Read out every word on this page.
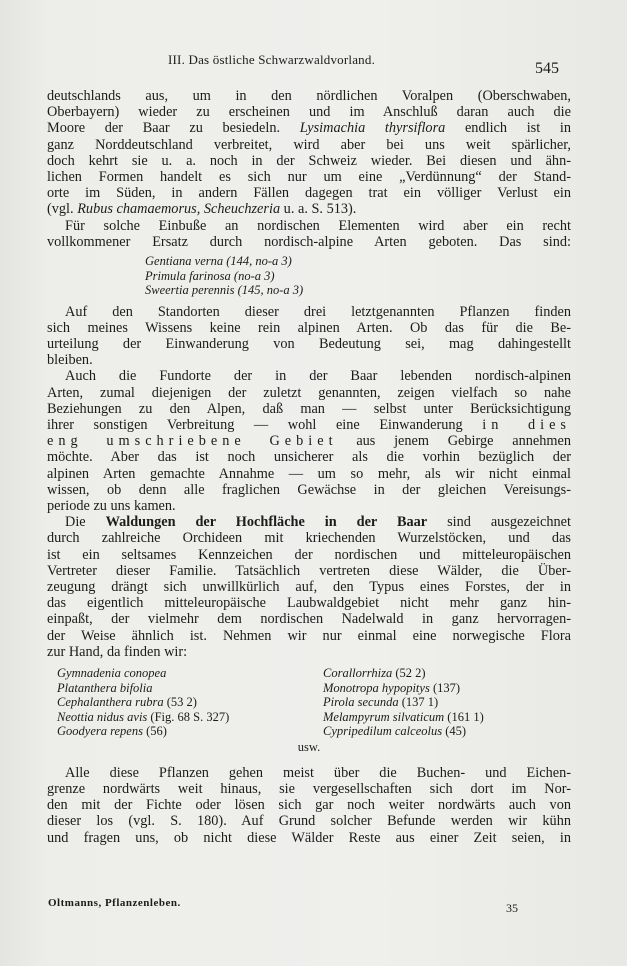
III. Das östliche Schwarzwaldvorland.
545

deutschlands aus, um in den nördlichen Voralpen (Oberschwaben,
Oberbayern) wieder zu erscheinen und im Anschluß daran auch die
Moore der Baar zu besiedeln. Lysimachia thyrsiflora endlich ist in
ganz Norddeutschland verbreitet, wird aber bei uns weit spärlicher,
doch kehrt sie u. a. noch in der Schweiz wieder. Bei diesen und ähn-
lichen Formen handelt es sich nur um eine „Verdünnung“ der Stand-
orte im Süden, in andern Fällen dagegen trat ein völliger Verlust ein
(vgl. Rubus chamaemorus, Scheuchzeria u. a. S. 513).
Für solche Einbuße an nordischen Elementen wird aber ein recht
vollkommener Ersatz durch nordisch-alpine Arten geboten. Das sind:

Gentiana verna (144, no-a 3)
Primula farinosa (no-a 3)
Sweertia perennis (145, no-a 3)

Auf den Standorten dieser drei letztgenannten Pflanzen finden
sich meines Wissens keine rein alpinen Arten. Ob das für die Be-
urteilung der Einwanderung von Bedeutung sei, mag dahingestellt
bleiben.

Auch die Fundorte der in der Baar lebenden nordisch-alpinen
Arten, zumal diejenigen der zuletzt genannten, zeigen vielfach so nahe
Beziehungen zu den Alpen, daß man — selbst unter Berücksichtigung
ihrer sonstigen Verbreitung — wohl eine Einwanderung in dies
eng umschriebene Gebiet aus jenem Gebirge annehmen
möchte. Aber das ist noch unsicherer als die vorhin bezüglich der
alpinen Arten gemachte Annahme — um so mehr, als wir nicht einmal
wissen, ob denn alle fraglichen Gewächse in der gleichen Vereisungs-
periode zu uns kamen.

Die Waldungen der Hochfläche in der Baar sind ausgezeichnet
durch zahlreiche Orchideen mit kriechenden Wurzelstöcken, und das
ist ein seltsames Kennzeichen der nordischen und mitteleuropäischen
Vertreter dieser Familie. Tatsächlich vertreten diese Wälder, die Über-
zeugung drängt sich unwillkürlich auf, den Typus eines Forstes, der in
das eigentlich mitteleuropäische Laubwaldgebiet nicht mehr ganz hin-
einpaßt, der vielmehr dem nordischen Nadelwald in ganz hervorragen-
der Weise ähnlich ist. Nehmen wir nur einmal eine norwegische Flora
zur Hand, da finden wir:

Gymnadenia conopea
Platanthera bifolia
Cephalanthera rubra (53 2)
Neottia nidus avis (Fig. 68 S. 327)
Goodyera repens (56)
Corallorrhiza (52 2)
Monotropa hypopitys (137)
Pirola secunda (137 1)
Melampyrum silvaticum (161 1)
Cypripedilum calceolus (45)
usw.

Alle diese Pflanzen gehen meist über die Buchen- und Eichen-
grenze nordwärts weit hinaus, sie vergesellschaften sich dort im Nor-
den mit der Fichte oder lösen sich gar noch weiter nordwärts auch von
dieser los (vgl. S. 180). Auf Grund solcher Befunde werden wir kühn
und fragen uns, ob nicht diese Wälder Reste aus einer Zeit seien, in

Oltmanns, Pflanzenleben.	35
